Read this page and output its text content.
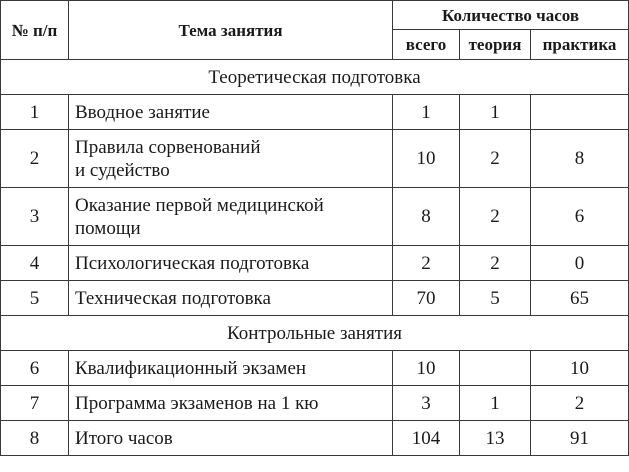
№ п/п	Тема занятия	Количество часов		
		всего	теория	практика
Теоретическая подготовка				
1	Вводное занятие	1	1	
2	Правила сорвенований
и судейство	10	2	8
3	Оказание первой медицинской
помощи	8	2	6
4	Психологическая подготовка	2	2	0
5	Техническая подготовка	70	5	65
Контрольные занятия				
6	Квалификационный экзамен	10		10
7	Программа экзаменов на 1 кю	3	1	2
8	Итого часов	104	13	91
